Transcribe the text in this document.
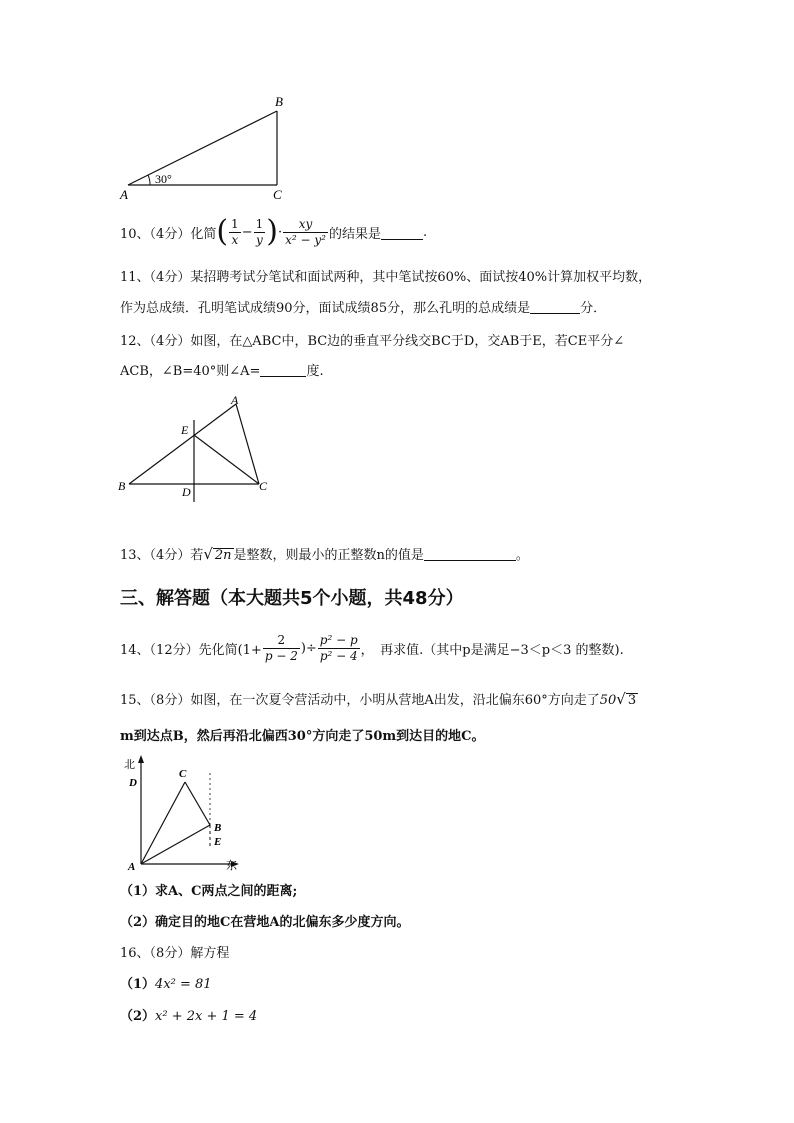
B
A	C
30°
10、（4分）化简 ( $\frac{1}{x} - \frac{1}{y}$ ) · $\frac{xy}{\text{x² − y²}}$ 的结果是	.
11、（4分）某招聘考试分笔试和面试两种，其中笔试按60%、面试按40%计算加权平均数，
作为总成绩．孔明笔试成绩90分，面试成绩85分，那么孔明的总成绩是	分．
12、（4分）如图，在△ABC中，BC边的垂直平分线交BC于D，交AB于E，若CE平分∠
ACB，∠B=40°则∠A=	度.
A
E
B	D	C
13、（4分）若√ 2n 是整数，则最小的正整数n的值是	。
三、解答题（本大题共5个小题，共48分）
14、（12分）先化简($1+ \frac{2}{p - 2}$ )÷ $\frac{\text{p² − p}}{\text{p² − 4}}$ ，　再求值.（其中p是满足−3＜p＜3 的整数).
15、（8分）如图，在一次夏令营活动中，小明从营地A出发，沿北偏东60°方向走了50√ 3
m到达点B，然后再沿北偏西30°方向走了50m到达目的地C。
北
D
C
B
E
A	东
（1）求A、C两点之间的距离;
（2）确定目的地C在营地A的北偏东多少度方向。
16、（8分）解方程
（1）4x² = 81
（2）x² + 2x + 1 = 4
